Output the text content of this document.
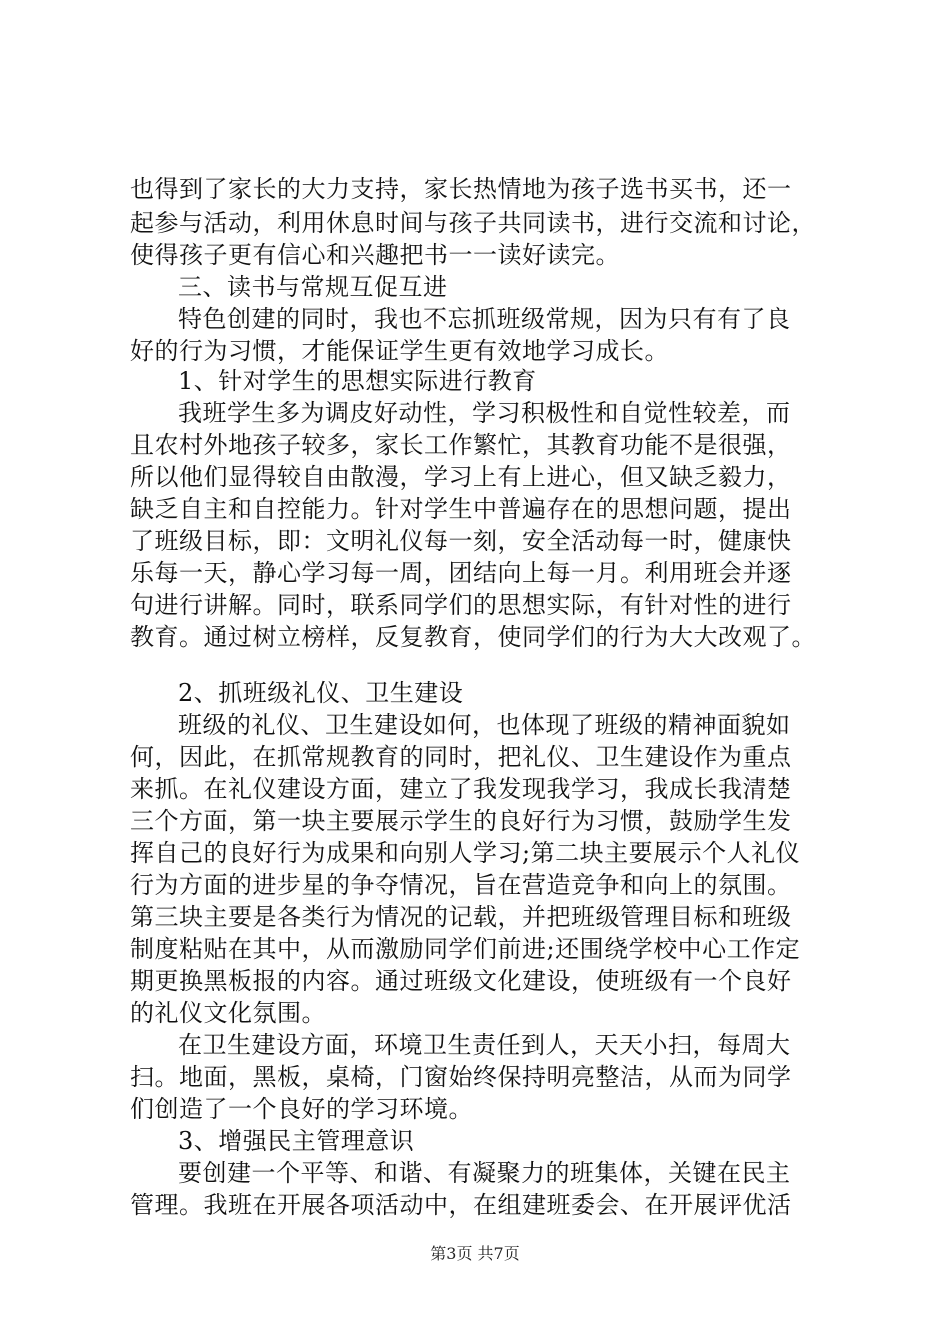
也得到了家长的大力支持，家长热情地为孩子选书买书，还一
起参与活动，利用休息时间与孩子共同读书，进行交流和讨论，
使得孩子更有信心和兴趣把书一一读好读完。
三、读书与常规互促互进
特色创建的同时，我也不忘抓班级常规，因为只有有了良
好的行为习惯，才能保证学生更有效地学习成长。
1、针对学生的思想实际进行教育
我班学生多为调皮好动性，学习积极性和自觉性较差，而
且农村外地孩子较多，家长工作繁忙，其教育功能不是很强，
所以他们显得较自由散漫，学习上有上进心，但又缺乏毅力，
缺乏自主和自控能力。针对学生中普遍存在的思想问题，提出
了班级目标，即：文明礼仪每一刻，安全活动每一时，健康快
乐每一天，静心学习每一周，团结向上每一月。利用班会并逐
句进行讲解。同时，联系同学们的思想实际，有针对性的进行
教育。通过树立榜样，反复教育，使同学们的行为大大改观了。
2、抓班级礼仪、卫生建设
班级的礼仪、卫生建设如何，也体现了班级的精神面貌如
何，因此，在抓常规教育的同时，把礼仪、卫生建设作为重点
来抓。在礼仪建设方面，建立了我发现我学习，我成长我清楚
三个方面，第一块主要展示学生的良好行为习惯，鼓励学生发
挥自己的良好行为成果和向别人学习;第二块主要展示个人礼仪
行为方面的进步星的争夺情况，旨在营造竞争和向上的氛围。
第三块主要是各类行为情况的记载，并把班级管理目标和班级
制度粘贴在其中，从而激励同学们前进;还围绕学校中心工作定
期更换黑板报的内容。通过班级文化建设，使班级有一个良好
的礼仪文化氛围。
在卫生建设方面，环境卫生责任到人，天天小扫，每周大
扫。地面，黑板，桌椅，门窗始终保持明亮整洁，从而为同学
们创造了一个良好的学习环境。
3、增强民主管理意识
要创建一个平等、和谐、有凝聚力的班集体，关键在民主
管理。我班在开展各项活动中，在组建班委会、在开展评优活
第3页 共7页
